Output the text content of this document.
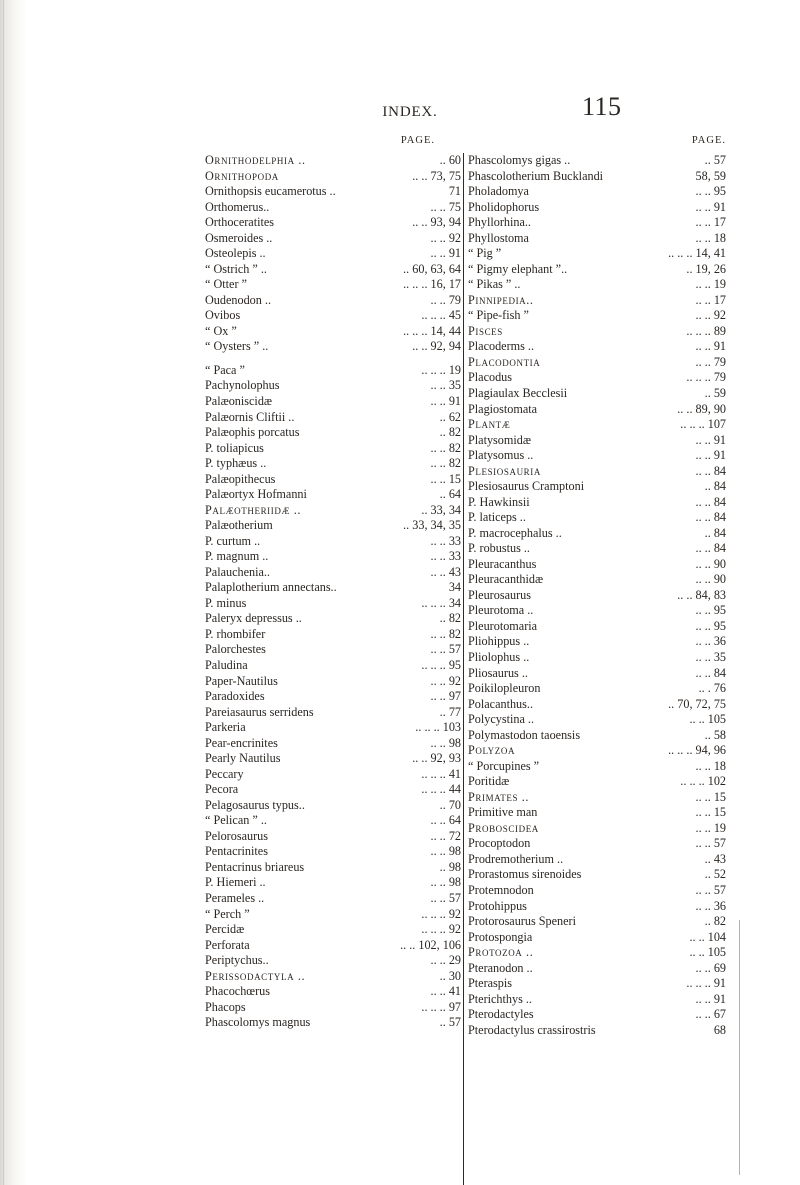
INDEX.	115
PAGE.
Ornithodelphia ..	.. 60
Ornithopoda	.. .. 73, 75
Ornithopsis eucamerotus ..	71
Orthomerus..	.. .. 75
Orthoceratites	.. .. 93, 94
Osmeroides ..	.. .. 92
Osteolepis ..	.. .. 91
“ Ostrich ” ..	.. 60, 63, 64
“ Otter ”	.. .. .. 16, 17
Oudenodon ..	.. .. 79
Ovibos	.. .. .. 45
“ Ox ”	.. .. .. 14, 44
“ Oysters ” ..	.. .. 92, 94
“ Paca ”	.. .. .. 19
Pachynolophus	.. .. 35
Palæoniscidæ	.. .. 91
Palæornis Cliftii ..	.. 62
Palæophis porcatus	.. 82
P. toliapicus	.. .. 82
P. typhæus ..	.. .. 82
Palæopithecus	.. .. 15
Palæortyx Hofmanni	.. 64
Palæotheriidæ ..	.. 33, 34
Palæotherium	.. 33, 34, 35
P. curtum ..	.. .. 33
P. magnum ..	.. .. 33
Palauchenia..	.. .. 43
Palaplotherium annectans..	34
P. minus	.. .. .. 34
Paleryx depressus ..	.. 82
P. rhombifer	.. .. 82
Palorchestes	.. .. 57
Paludina	.. .. .. 95
Paper-Nautilus	.. .. 92
Paradoxides	.. .. 97
Pareiasaurus serridens	.. 77
Parkeria	.. .. .. 103
Pear-encrinites	.. .. 98
Pearly Nautilus	.. .. 92, 93
Peccary	.. .. .. 41
Pecora	.. .. .. 44
Pelagosaurus typus..	.. 70
“ Pelican ” ..	.. .. 64
Pelorosaurus	.. .. 72
Pentacrinites	.. .. 98
Pentacrinus briareus	.. 98
P. Hiemeri ..	.. .. 98
Perameles ..	.. .. 57
“ Perch ”	.. .. .. 92
Percidæ	.. .. .. 92
Perforata	.. .. 102, 106
Periptychus..	.. .. 29
Perissodactyla ..	.. 30
Phacochœrus	.. .. 41
Phacops	.. .. .. 97
Phascolomys magnus	.. 57
PAGE.
Phascolomys gigas ..	.. 57
Phascolotherium Bucklandi	58, 59
Pholadomya	.. .. 95
Pholidophorus	.. .. 91
Phyllorhina..	.. .. 17
Phyllostoma	.. .. 18
“ Pig ”	.. .. .. 14, 41
“ Pigmy elephant ”..	.. 19, 26
“ Pikas ” ..	.. .. 19
Pinnipedia..	.. .. 17
“ Pipe-fish ”	.. .. 92
Pisces	.. .. .. 89
Placoderms ..	.. .. 91
Placodontia	.. .. 79
Placodus	.. .. .. 79
Plagiaulax Becclesii	.. 59
Plagiostomata	.. .. 89, 90
Plantæ	.. .. .. 107
Platysomidæ	.. .. 91
Platysomus ..	.. .. 91
Plesiosauria	.. .. 84
Plesiosaurus Cramptoni	.. 84
P. Hawkinsii	.. .. 84
P. laticeps ..	.. .. 84
P. macrocephalus ..	.. 84
P. robustus ..	.. .. 84
Pleuracanthus	.. .. 90
Pleuracanthidæ	.. .. 90
Pleurosaurus	.. .. 84, 83
Pleurotoma ..	.. .. 95
Pleurotomaria	.. .. 95
Pliohippus ..	.. .. 36
Pliolophus ..	.. .. 35
Pliosaurus ..	.. .. 84
Poikilopleuron	.. . 76
Polacanthus..	.. 70, 72, 75
Polycystina ..	.. .. 105
Polymastodon taoensis	.. 58
Polyzoa	.. .. .. 94, 96
“ Porcupines ”	.. .. 18
Poritidæ	.. .. .. 102
Primates ..	.. .. 15
Primitive man	.. .. 15
Proboscidea	.. .. 19
Procoptodon	.. .. 57
Prodremotherium ..	.. 43
Prorastomus sirenoides	.. 52
Protemnodon	.. .. 57
Protohippus	.. .. 36
Protorosaurus Speneri	.. 82
Protospongia	.. .. 104
Protozoa ..	.. .. 105
Pteranodon ..	.. .. 69
Pteraspis	.. .. .. 91
Pterichthys ..	.. .. 91
Pterodactyles	.. .. 67
Pterodactylus crassirostris	68
